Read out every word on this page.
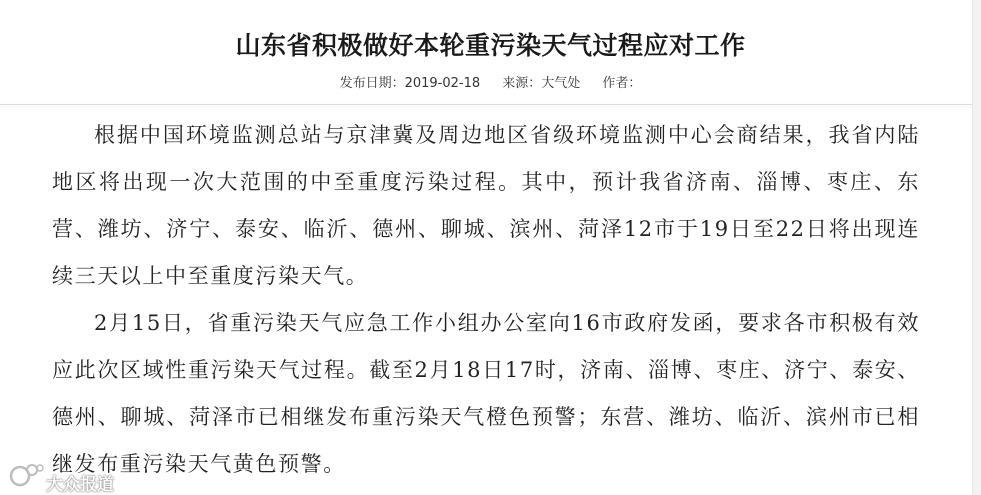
山东省积极做好本轮重污染天气过程应对工作
发布日期：2019-02-18 来源：大气处 作者：

根据中国环境监测总站与京津冀及周边地区省级环境监测中心会商结果，我省内陆地区将出现一次大范围的中至重度污染过程。其中，预计我省济南、淄博、枣庄、东营、潍坊、济宁、泰安、临沂、德州、聊城、滨州、菏泽12市于19日至22日将出现连续三天以上中至重度污染天气。

2月15日，省重污染天气应急工作小组办公室向16市政府发函，要求各市积极有效应此次区域性重污染天气过程。截至2月18日17时，济南、淄博、枣庄、济宁、泰安、德州、聊城、菏泽市已相继发布重污染天气橙色预警；东营、潍坊、临沂、滨州市已相继发布重污染天气黄色预警。

大众报道
